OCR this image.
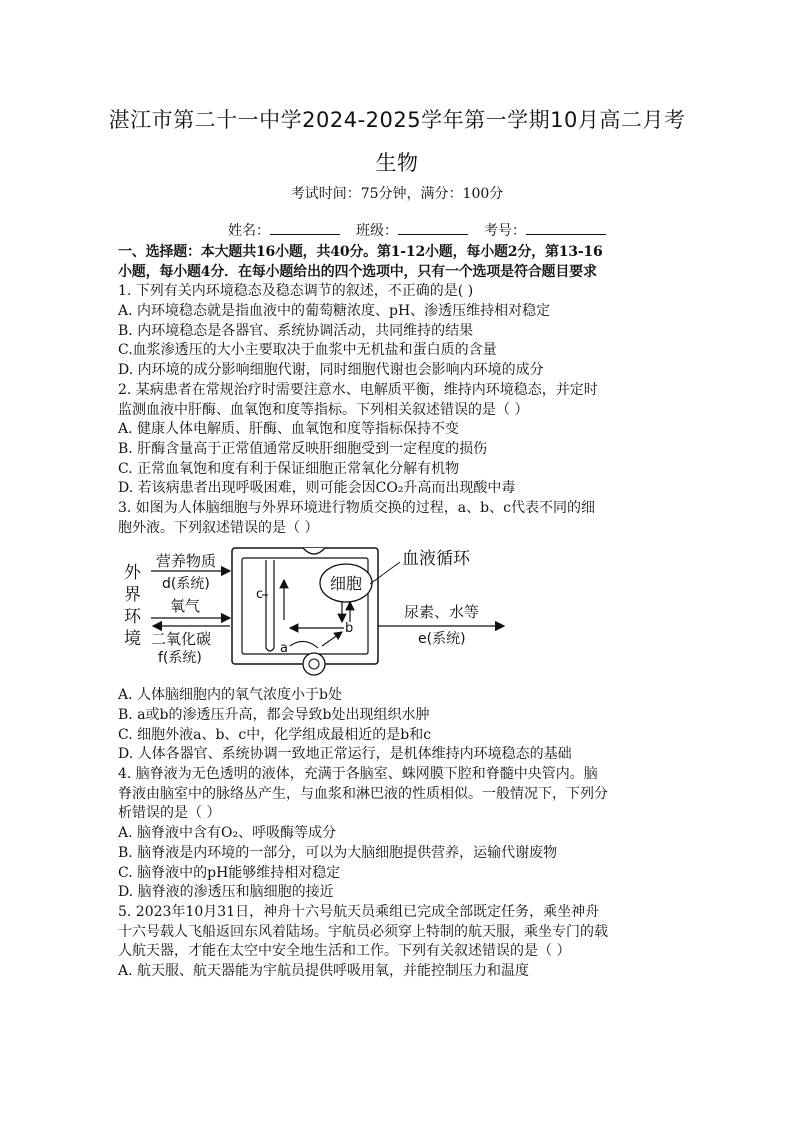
湛江市第二十一中学2024-2025学年第一学期10月高二月考
生物
考试时间：75分钟，满分：100分
姓名：	班级：	考号：
一、选择题：本大题共16小题，共40分。第1-12小题，每小题2分，第13-16
小题，每小题4分．在每小题给出的四个选项中，只有一个选项是符合题目要求
1. 下列有关内环境稳态及稳态调节的叙述，不正确的是( )
A. 内环境稳态就是指血液中的葡萄糖浓度、pH、渗透压维持相对稳定
B. 内环境稳态是各器官、系统协调活动，共同维持的结果
C.血浆渗透压的大小主要取决于血浆中无机盐和蛋白质的含量
D. 内环境的成分影响细胞代谢，同时细胞代谢也会影响内环境的成分
2. 某病患者在常规治疗时需要注意水、电解质平衡，维持内环境稳态，并定时
监测血液中肝酶、血氧饱和度等指标。下列相关叙述错误的是（ ）
A. 健康人体电解质、肝酶、血氧饱和度等指标保持不变
B. 肝酶含量高于正常值通常反映肝细胞受到一定程度的损伤
C. 正常血氧饱和度有利于保证细胞正常氧化分解有机物
D. 若该病患者出现呼吸困难，则可能会因CO₂升高而出现酸中毒
3. 如图为人体脑细胞与外界环境进行物质交换的过程，a、b、c代表不同的细
胞外液。下列叙述错误的是（ ）
外
界
环
境
营养物质
d(系统)
氧气
二氧化碳
f(系统)
c
细胞
b
a
血液循环
尿素、水等
e(系统)
A. 人体脑细胞内的氧气浓度小于b处
B. a或b的渗透压升高，都会导致b处出现组织水肿
C. 细胞外液a、b、c中，化学组成最相近的是b和c
D. 人体各器官、系统协调一致地正常运行，是机体维持内环境稳态的基础
4. 脑脊液为无色透明的液体，充满于各脑室、蛛网膜下腔和脊髓中央管内。脑
脊液由脑室中的脉络丛产生，与血浆和淋巴液的性质相似。一般情况下，下列分
析错误的是（ ）
A. 脑脊液中含有O₂、呼吸酶等成分
B. 脑脊液是内环境的一部分，可以为大脑细胞提供营养，运输代谢废物
C. 脑脊液中的pH能够维持相对稳定
D. 脑脊液的渗透压和脑细胞的接近
5. 2023年10月31日，神舟十六号航天员乘组已完成全部既定任务，乘坐神舟
十六号载人飞船返回东风着陆场。宇航员必须穿上特制的航天服，乘坐专门的载
人航天器，才能在太空中安全地生活和工作。下列有关叙述错误的是（ ）
A. 航天服、航天器能为宇航员提供呼吸用氧，并能控制压力和温度
